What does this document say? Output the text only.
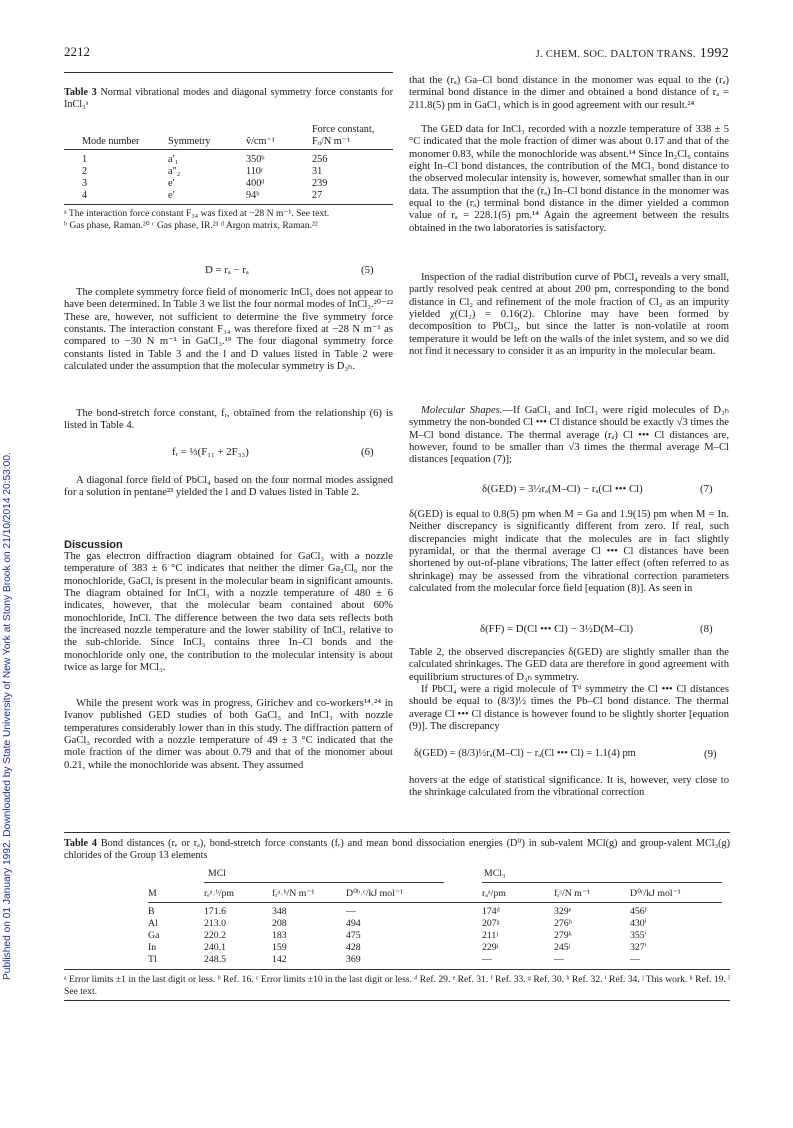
Published on 01 January 1992. Downloaded by State University of New York at Stony Brook on 21/10/2014 20:53:00.
2212	J. CHEM. SOC. DALTON TRANS. 1992
Table 3 Normal vibrational modes and diagonal symmetry force constants for InCl₃ᵃ
Force constant,
Mode number	Symmetry	ṽ/cm⁻¹	Fᵢᵢ/N m⁻¹
1	a′₁	350ᵇ	256
2	a″₂	110ᶜ	31
3	e′	400ᵈ	239
4	e′	94ᵇ	27

ᵃ The interaction force constant F₃₄ was fixed at −28 N m⁻¹. See text.

ᵇ Gas phase, Raman.²⁰ ᶜ Gas phase, IR.²¹ ᵈ Argon matrix, Raman.²²

D = rₐ − rₐ	(5)
The complete symmetry force field of monomeric InCl₃ does not appear to have been determined. In Table 3 we list the four normal modes of InCl₃.²⁰⁻²² These are, however, not sufficient to determine the five symmetry force constants. The interaction constant F₃₄ was therefore fixed at −28 N m⁻¹ as compared to −30 N m⁻¹ in GaCl₃.¹⁹ The four diagonal symmetry force constants listed in Table 3 and the l and D values listed in Table 2 were calculated under the assumption that the molecular symmetry is D₃ₕ.
The bond-stretch force constant, fᵣ, obtained from the relationship (6) is listed in Table 4.
fᵣ = ⅓(F₁₁ + 2F₃₃)	(6)
A diagonal force field of PbCl₄ based on the four normal modes assigned for a solution in pentane²³ yielded the l and D values listed in Table 2.
Discussion
The gas electron diffraction diagram obtained for GaCl₃ with a nozzle temperature of 383 ± 6 °C indicates that neither the dimer Ga₂Cl₆ nor the monochloride, GaCl, is present in the molecular beam in significant amounts. The diagram obtained for InCl₃ with a nozzle temperature of 480 ± 6 indicates, however, that the molecular beam contained about 60% monochloride, InCl. The difference between the two data sets reflects both the increased nozzle temperature and the lower stability of InCl₃ relative to the sub-chloride. Since InCl₃ contains three In–Cl bonds and the monochloride only one, the contribution to the molecular intensity is about twice as large for MCl₃.
While the present work was in progress, Girichev and co-workers¹⁴˒²⁴ in Ivanov published GED studies of both GaCl₃ and InCl₃ with nozzle temperatures considerably lower than in this study. The diffraction pattern of GaCl₃ recorded with a nozzle temperature of 49 ± 3 °C indicated that the mole fraction of the dimer was about 0.79 and that of the monomer about 0.21, while the monochloride was absent. They assumed
that the (rₐ) Ga–Cl bond distance in the monomer was equal to the (rₐ) terminal bond distance in the dimer and obtained a bond distance of rₐ = 211.8(5) pm in GaCl₃ which is in good agreement with our result.²⁴
The GED data for InCl₃ recorded with a nozzle temperature of 338 ± 5 °C indicated that the mole fraction of dimer was about 0.17 and that of the monomer 0.83, while the monochloride was absent.¹⁴ Since In₂Cl₆ contains eight In–Cl bond distances, the contribution of the MCl₃ bond distance to the observed molecular intensity is, however, somewhat smaller than in our data. The assumption that the (rₐ) In–Cl bond distance in the monomer was equal to the (rₐ) terminal bond distance in the dimer yielded a common value of rₐ = 228.1(5) pm.¹⁴ Again the agreement between the results obtained in the two laboratories is satisfactory.
Inspection of the radial distribution curve of PbCl₄ reveals a very small, partly resolved peak centred at about 200 pm, corresponding to the bond distance in Cl₂ and refinement of the mole fraction of Cl₂ as an impurity yielded χ(Cl₂) = 0.16(2). Chlorine may have been formed by decomposition to PbCl₂, but since the latter is non-volatile at room temperature it would be left on the walls of the inlet system, and so we did not find it necessary to consider it as an impurity in the molecular beam.
Molecular Shapes.—If GaCl₃ and InCl₃ were rigid molecules of D₃ₕ symmetry the non-bonded Cl ••• Cl distance should be exactly √3 times the M–Cl bond distance. The thermal average (rₐ) Cl ••• Cl distances are, however, found to be smaller than √3 times the thermal average M–Cl distances [equation (7)];
δ(GED) = 3½rₐ(M–Cl) − rₐ(Cl ••• Cl)	(7)
δ(GED) is equal to 0.8(5) pm when M = Ga and 1.9(15) pm when M = In. Neither discrepancy is significantly different from zero. If real, such discrepancies might indicate that the molecules are in fact slightly pyramidal, or that the thermal average Cl ••• Cl distances have been shortened by out-of-plane vibrations, The latter effect (often referred to as shrinkage) may be assessed from the vibrational correction parameters calculated from the molecular force field [equation (8)]. As seen in
δ(FF) = D(Cl ••• Cl) − 3½D(M–Cl)	(8)
Table 2, the observed discrepancies δ(GED) are slightly smaller than the calculated shrinkages. The GED data are therefore in good agreement with equilibrium structures of D₃ₕ symmetry.
If PbCl₄ were a rigid molecule of Tᵈ symmetry the Cl ••• Cl distances should be equal to (8/3)½ times the Pb–Cl bond distance. The thermal average Cl ••• Cl distance is however found to be slightly shorter [equation (9)]. The discrepancy
δ(GED) = (8/3)½rₐ(M–Cl) − rₐ(Cl ••• Cl) = 1.1(4) pm	(9)
hovers at the edge of statistical significance. It is, however, very close to the shrinkage calculated from the vibrational correction
Table 4 Bond distances (rₑ or rₐ), bond-stretch force constants (fᵣ) and mean bond dissociation energies (D⁰) in sub-valent MCl(g) and group-valent MCl₃(g) chlorides of the Group 13 elements
MCl	MCl₃
M	rₑᵃ˒ᵇ/pm	fᵣᵃ˒ᵇ/N m⁻¹	D⁰ᵇ˒ᶜ/kJ mol⁻¹	rₐᵃ/pm	fᵣᶜ/N m⁻¹	D⁰ᶜ/kJ mol⁻¹
B	171.6	348	—	174ᵈ	329ᵉ	456ᶠ
Al	213.0	208	494	207ᵍ	276ʰ	430ⁱ
Ga	220.2	183	475	211ʲ	279ᵏ	355ⁱ
In	240.1	159	428	229ʲ	245ʲ	327ⁱ
Tl	248.5	142	369	—	—	—
ᵃ Error limits ±1 in the last digit or less. ᵇ Ref. 16. ᶜ Error limits ±10 in the last digit or less. ᵈ Ref. 29. ᵉ Ref. 31. ᶠ Ref. 33. ᵍ Ref. 30. ʰ Ref. 32. ⁱ Ref. 34. ʲ This work. ᵏ Ref. 19. ˡ See text.
